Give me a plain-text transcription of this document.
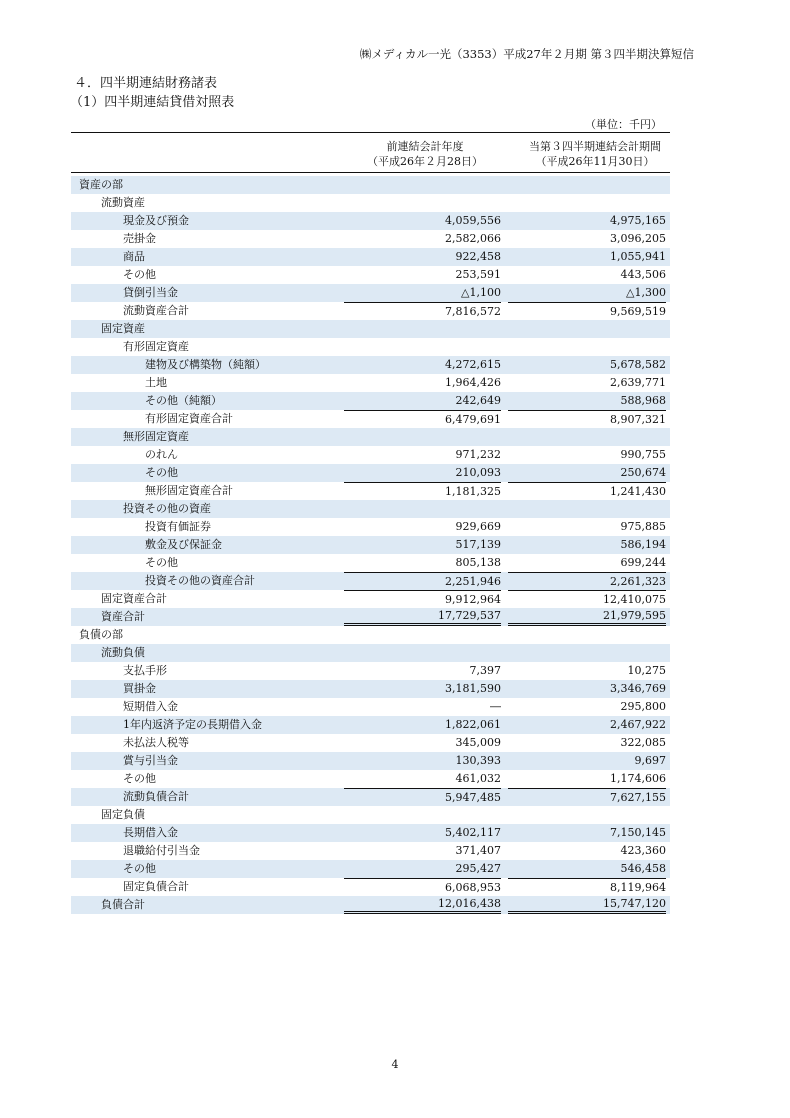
㈱メディカル一光（3353）平成27年２月期 第３四半期決算短信
４．四半期連結財務諸表
（1）四半期連結貸借対照表
（単位：千円）
前連結会計年度
（平成26年２月28日）
当第３四半期連結会計期間
（平成26年11月30日）
資産の部
流動資産
現金及び預金	4,059,556	4,975,165
売掛金	2,582,066	3,096,205
商品	922,458	1,055,941
その他	253,591	443,506
貸倒引当金	△1,100	△1,300
流動資産合計	7,816,572	9,569,519
固定資産
有形固定資産
建物及び構築物（純額）	4,272,615	5,678,582
土地	1,964,426	2,639,771
その他（純額）	242,649	588,968
有形固定資産合計	6,479,691	8,907,321
無形固定資産
のれん	971,232	990,755
その他	210,093	250,674
無形固定資産合計	1,181,325	1,241,430
投資その他の資産
投資有価証券	929,669	975,885
敷金及び保証金	517,139	586,194
その他	805,138	699,244
投資その他の資産合計	2,251,946	2,261,323
固定資産合計	9,912,964	12,410,075
資産合計	17,729,537	21,979,595
負債の部
流動負債
支払手形	7,397	10,275
買掛金	3,181,590	3,346,769
短期借入金	―	295,800
1年内返済予定の長期借入金	1,822,061	2,467,922
未払法人税等	345,009	322,085
賞与引当金	130,393	9,697
その他	461,032	1,174,606
流動負債合計	5,947,485	7,627,155
固定負債
長期借入金	5,402,117	7,150,145
退職給付引当金	371,407	423,360
その他	295,427	546,458
固定負債合計	6,068,953	8,119,964
負債合計	12,016,438	15,747,120
4
